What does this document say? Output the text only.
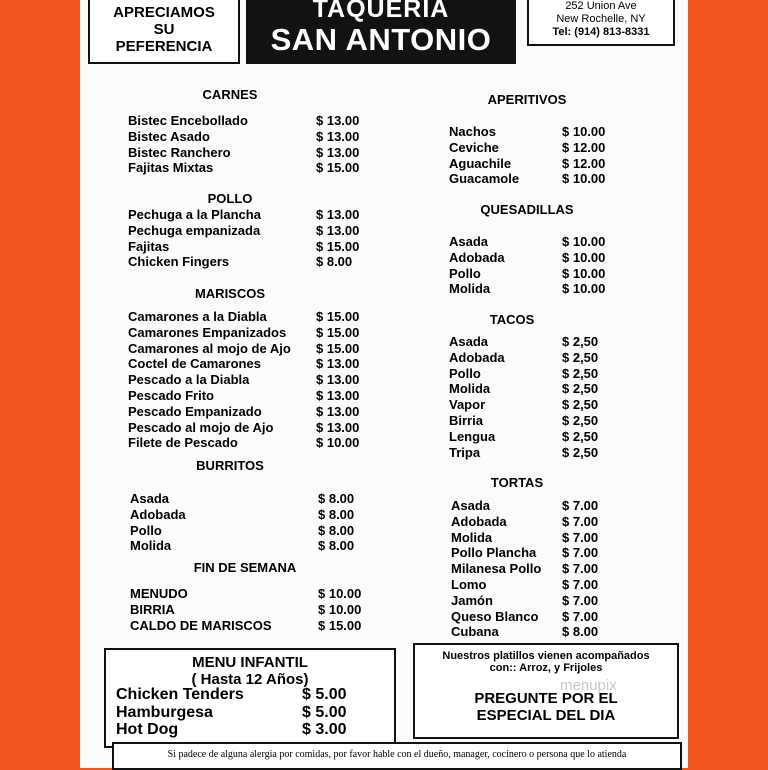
APRECIAMOS
SU
PEFERENCIA
TAQUERIA
SAN ANTONIO
252 Union Ave
New Rochelle, NY
Tel: (914) 813-8331
CARNES
Bistec Encebollado	$ 13.00
Bistec Asado	$ 13.00
Bistec Ranchero	$ 13.00
Fajitas Mixtas	$ 15.00
POLLO
Pechuga a la Plancha	$ 13.00
Pechuga empanizada	$ 13.00
Fajitas	$ 15.00
Chicken Fingers	$ 8.00
MARISCOS
Camarones a la Diabla	$ 15.00
Camarones Empanizados $ 15.00
Camarones al mojo de Ajo $ 15.00
Coctel de Camarones	$ 13.00
Pescado a la Diabla	$ 13.00
Pescado Frito	$ 13.00
Pescado Empanizado	$ 13.00
Pescado al mojo de Ajo	$ 13.00
Filete de Pescado	$ 10.00
BURRITOS
Asada	$ 8.00
Adobada	$ 8.00
Pollo	$ 8.00
Molida	$ 8.00
FIN DE SEMANA
MENUDO	$ 10.00
BIRRIA	$ 10.00
CALDO DE MARISCOS	$ 15.00
APERITIVOS
Nachos	$ 10.00
Ceviche	$ 12.00
Aguachile	$ 12.00
Guacamole	$ 10.00
QUESADILLAS
Asada	$ 10.00
Adobada	$ 10.00
Pollo	$ 10.00
Molida	$ 10.00
TACOS
Asada	$ 2,50
Adobada	$ 2,50
Pollo	$ 2,50
Molida	$ 2,50
Vapor	$ 2,50
Birria	$ 2,50
Lengua	$ 2,50
Tripa	$ 2,50
TORTAS
Asada	$ 7.00
Adobada	$ 7.00
Molida	$ 7.00
Pollo Plancha $ 7.00
Milanesa Pollo $ 7.00
Lomo	$ 7.00
Jamón	$ 7.00
Queso Blanco $ 7.00
Cubana	$ 8.00
MENU INFANTIL
( Hasta 12 Años)
Chicken Tenders	$ 5.00
Hamburgesa	$ 5.00
Hot Dog	$ 3.00
Nuestros platillos vienen acompañados
con:: Arroz, y Frijoles
PREGUNTE POR EL
ESPECIAL DEL DIA
menupix
Si padece de alguna alergia por comidas, por favor hable con el dueño, manager, cocinero o persona que lo atienda
